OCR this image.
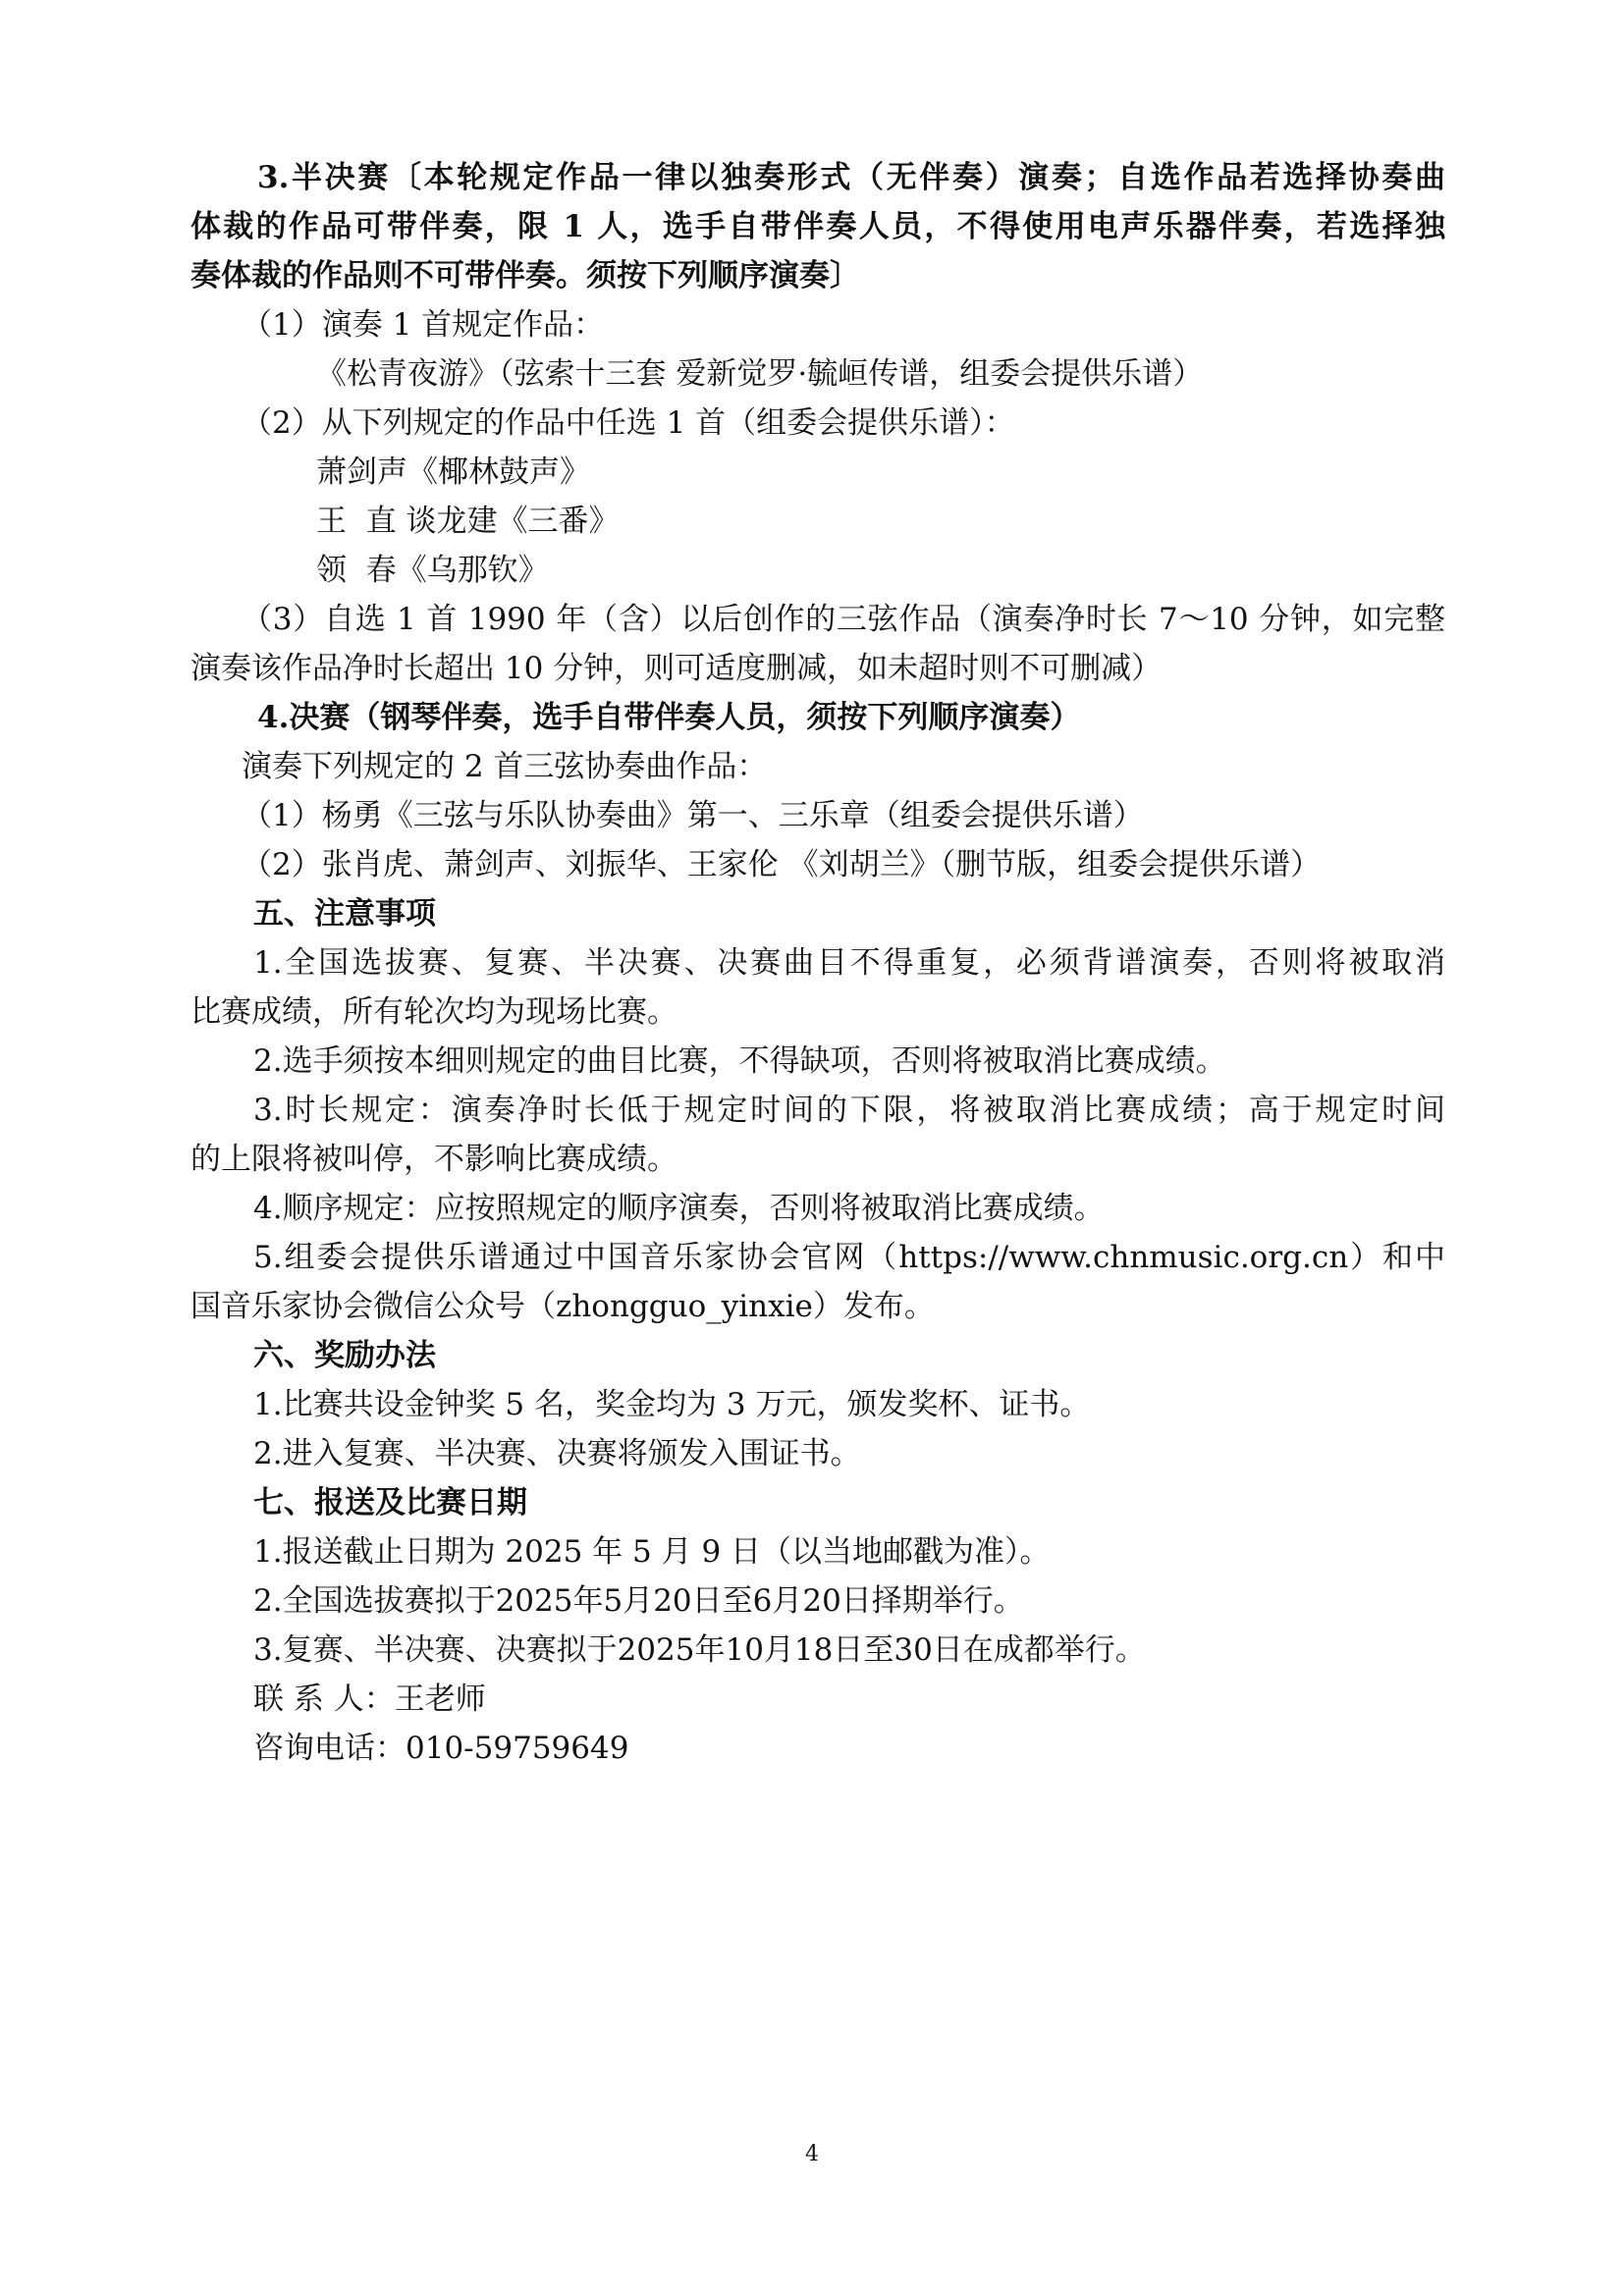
3.半决赛〔本轮规定作品一律以独奏形式（无伴奏）演奏；自选作品若选择协奏曲
体裁的作品可带伴奏，限 1 人，选手自带伴奏人员，不得使用电声乐器伴奏，若选择独
奏体裁的作品则不可带伴奏。须按下列顺序演奏〕
（1）演奏 1 首规定作品：
《松青夜游》（弦索十三套 爱新觉罗·毓峘传谱，组委会提供乐谱）
（2）从下列规定的作品中任选 1 首（组委会提供乐谱）：
萧剑声《椰林鼓声》
王  直 谈龙建《三番》
领  春《乌那钦》
（3）自选 1 首 1990 年（含）以后创作的三弦作品（演奏净时长 7～10 分钟，如完整
演奏该作品净时长超出 10 分钟，则可适度删减，如未超时则不可删减）
4.决赛（钢琴伴奏，选手自带伴奏人员，须按下列顺序演奏）
演奏下列规定的 2 首三弦协奏曲作品：
（1）杨勇《三弦与乐队协奏曲》第一、三乐章（组委会提供乐谱）
（2）张肖虎、萧剑声、刘振华、王家伦 《刘胡兰》（删节版，组委会提供乐谱）
五、注意事项
1.全国选拔赛、复赛、半决赛、决赛曲目不得重复，必须背谱演奏，否则将被取消
比赛成绩，所有轮次均为现场比赛。
2.选手须按本细则规定的曲目比赛，不得缺项，否则将被取消比赛成绩。
3.时长规定：演奏净时长低于规定时间的下限，将被取消比赛成绩；高于规定时间
的上限将被叫停，不影响比赛成绩。
4.顺序规定：应按照规定的顺序演奏，否则将被取消比赛成绩。
5.组委会提供乐谱通过中国音乐家协会官网（https://www.chnmusic.org.cn）和中
国音乐家协会微信公众号（zhongguo_yinxie）发布。
六、奖励办法
1.比赛共设金钟奖 5 名，奖金均为 3 万元，颁发奖杯、证书。
2.进入复赛、半决赛、决赛将颁发入围证书。
七、报送及比赛日期
1.报送截止日期为 2025 年 5 月 9 日（以当地邮戳为准）。
2.全国选拔赛拟于2025年5月20日至6月20日择期举行。
3.复赛、半决赛、决赛拟于2025年10月18日至30日在成都举行。
联 系 人：王老师
咨询电话：010-59759649
4
